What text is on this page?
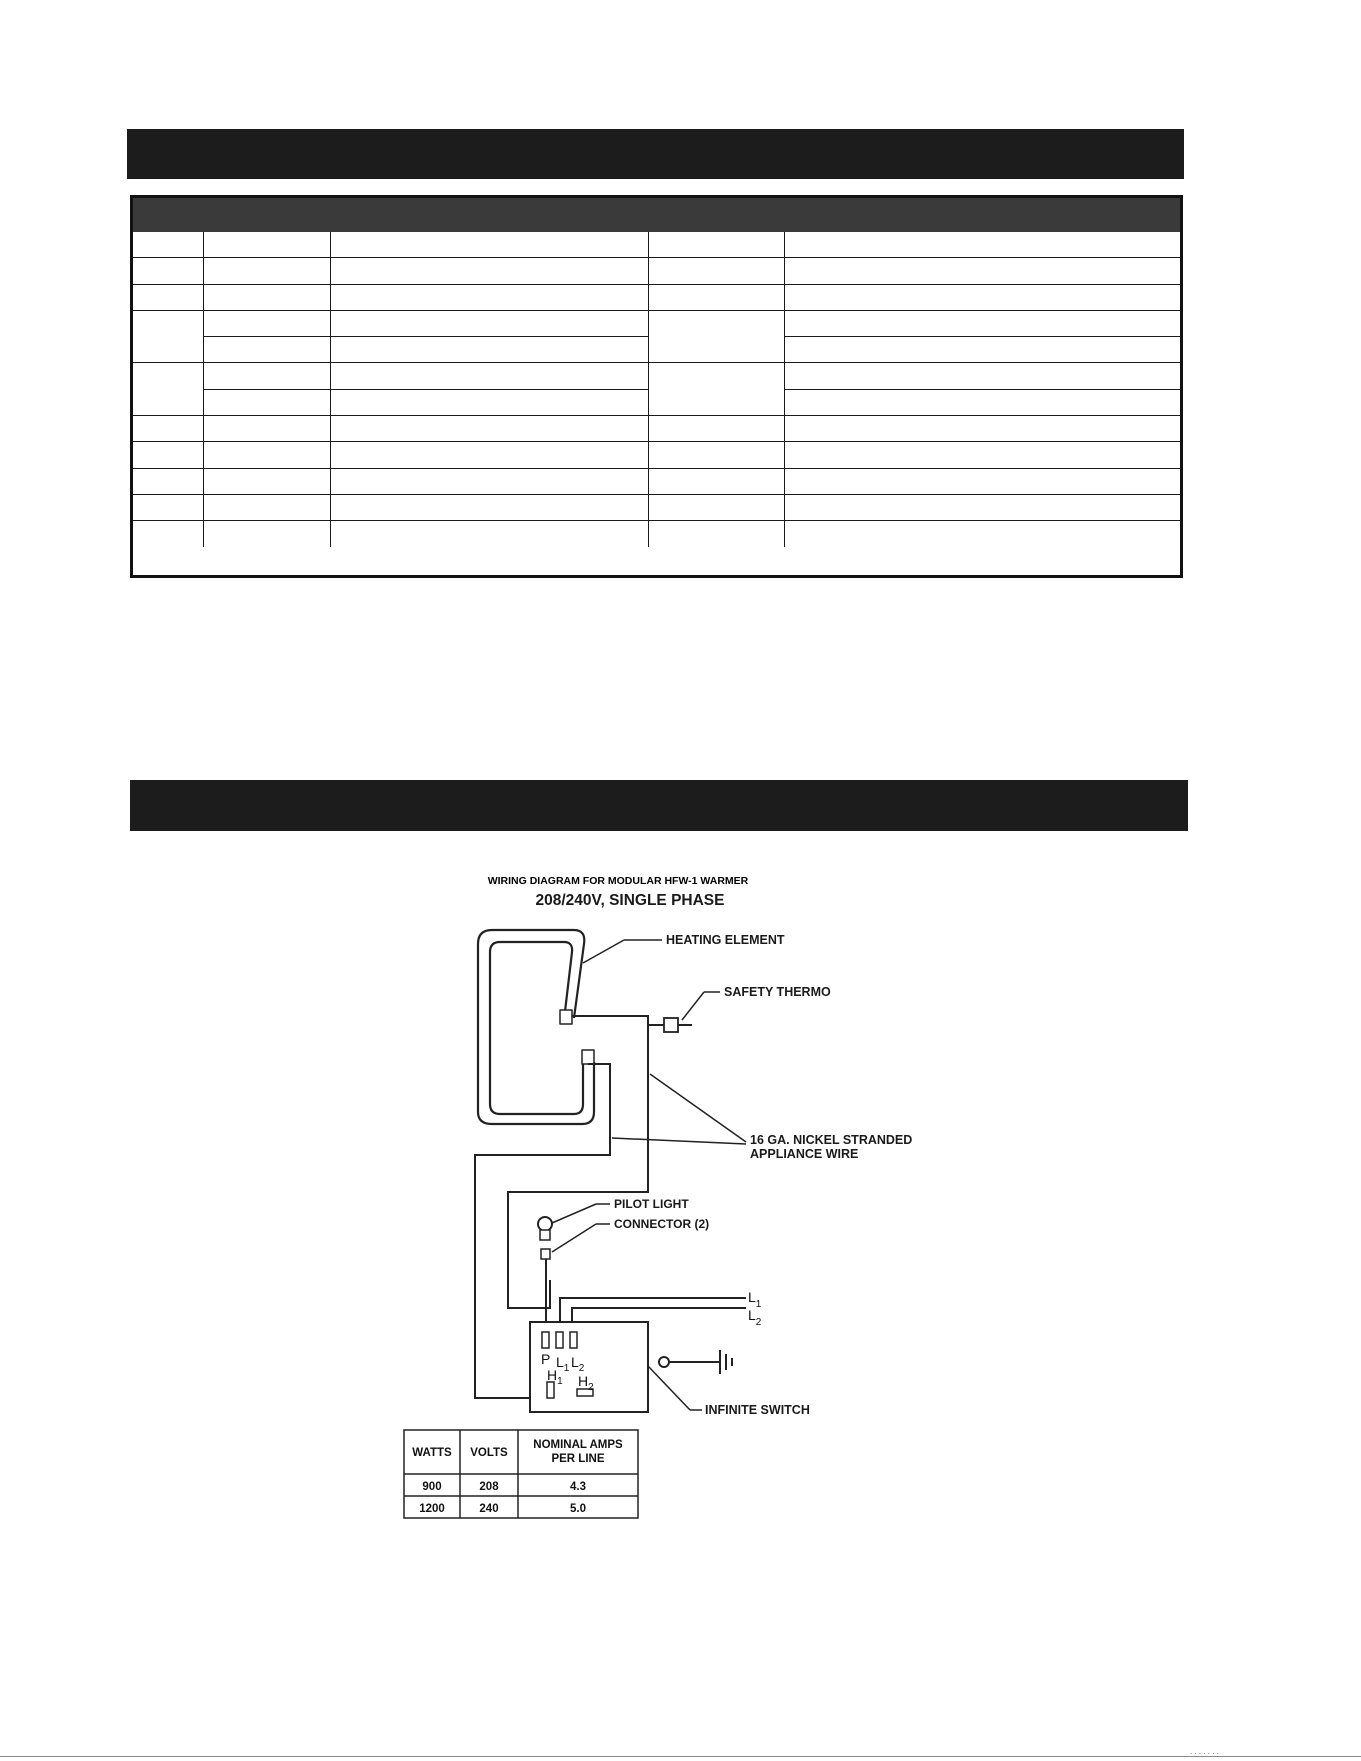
WIRING DIAGRAM FOR MODULAR HFW-1 WARMER
208/240V, SINGLE PHASE
P $L_1$ $L_2$
$H_1$ $H_2$
HEATING ELEMENT
SAFETY THERMO
16 GA. NICKEL STRANDED
APPLIANCE WIRE
PILOT LIGHT
CONNECTOR (2)
INFINITE SWITCH
$L_1$
$L_2$
WATTS VOLTS
NOMINAL AMPS
PER LINE
900	208	4.3
1200	240	5.0
. . . . . . .
